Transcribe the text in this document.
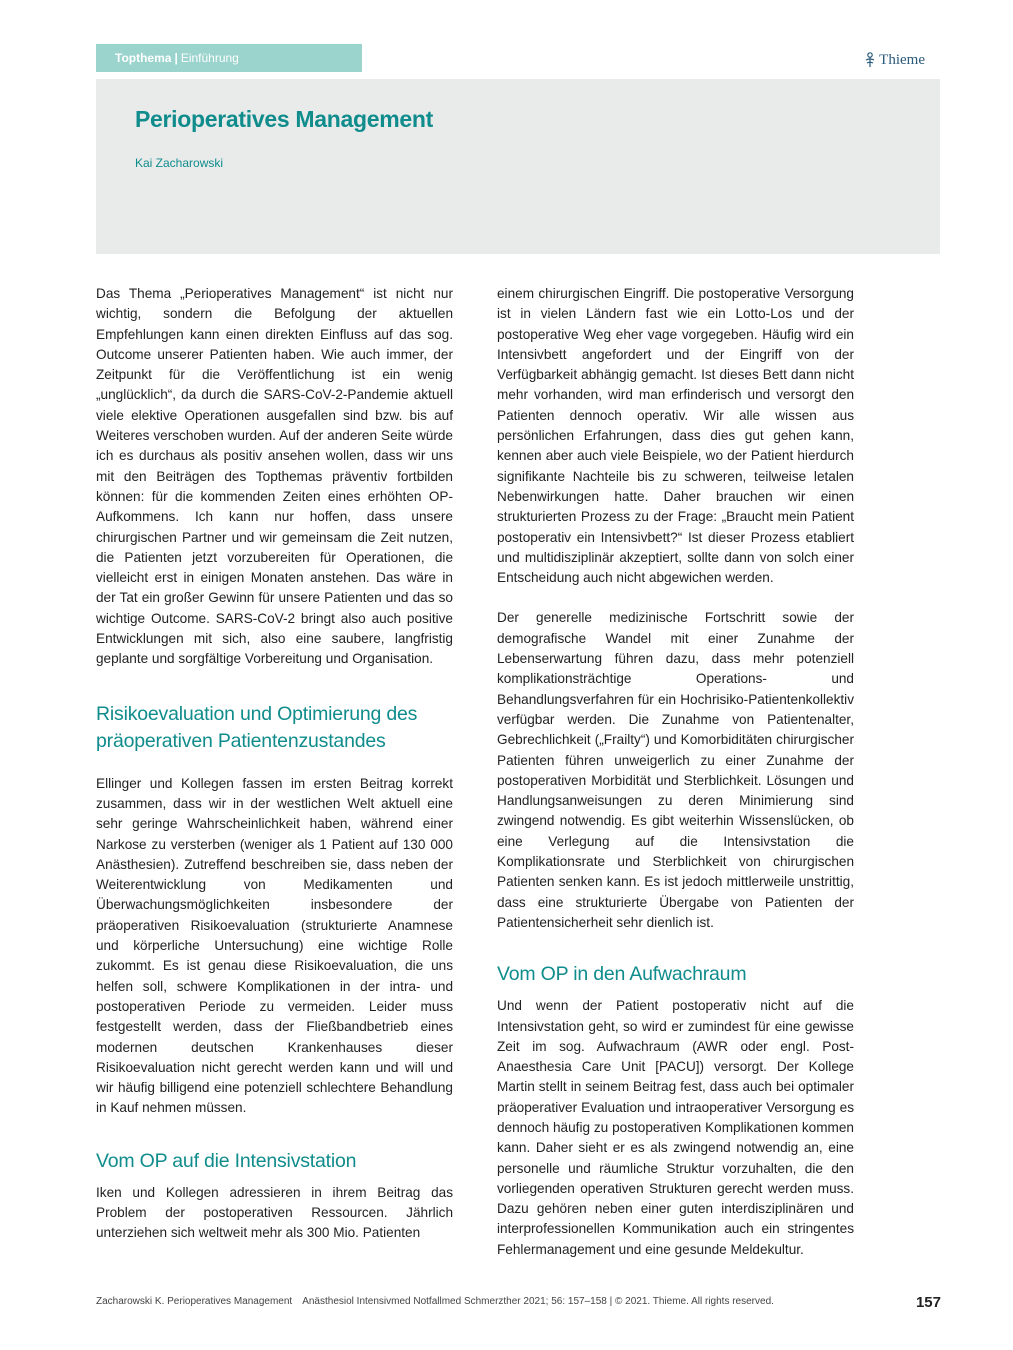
Topthema | Einführung	Thieme
Perioperatives Management
Kai Zacharowski

Das Thema „Perioperatives Management“ ist nicht nur wichtig, sondern die Befolgung der aktuellen Empfehlungen kann einen direkten Einfluss auf das sog. Outcome unserer Patienten haben. Wie auch immer, der Zeitpunkt für die Veröffentlichung ist ein wenig „unglücklich“, da durch die SARS-CoV-2-Pandemie aktuell viele elektive Operationen ausgefallen sind bzw. bis auf Weiteres verschoben wurden. Auf der anderen Seite würde ich es durchaus als positiv ansehen wollen, dass wir uns mit den Beiträgen des Topthemas präventiv fortbilden können: für die kommenden Zeiten eines erhöhten OP-Aufkommens. Ich kann nur hoffen, dass unsere chirurgischen Partner und wir gemeinsam die Zeit nutzen, die Patienten jetzt vorzubereiten für Operationen, die vielleicht erst in einigen Monaten anstehen. Das wäre in der Tat ein großer Gewinn für unsere Patienten und das so wichtige Outcome. SARS-CoV-2 bringt also auch positive Entwicklungen mit sich, also eine saubere, langfristig geplante und sorgfältige Vorbereitung und Organisation.

Risikoevaluation und Optimierung des präoperativen Patientenzustandes

Ellinger und Kollegen fassen im ersten Beitrag korrekt zusammen, dass wir in der westlichen Welt aktuell eine sehr geringe Wahrscheinlichkeit haben, während einer Narkose zu versterben (weniger als 1 Patient auf 130 000 Anästhesien). Zutreffend beschreiben sie, dass neben der Weiterentwicklung von Medikamenten und Überwachungsmöglichkeiten insbesondere der präoperativen Risikoevaluation (strukturierte Anamnese und körperliche Untersuchung) eine wichtige Rolle zukommt. Es ist genau diese Risikoevaluation, die uns helfen soll, schwere Komplikationen in der intra- und postoperativen Periode zu vermeiden. Leider muss festgestellt werden, dass der Fließbandbetrieb eines modernen deutschen Krankenhauses dieser Risikoevaluation nicht gerecht werden kann und will und wir häufig billigend eine potenziell schlechtere Behandlung in Kauf nehmen müssen.

Vom OP auf die Intensivstation

Iken und Kollegen adressieren in ihrem Beitrag das Problem der postoperativen Ressourcen. Jährlich unterziehen sich weltweit mehr als 300 Mio. Patienten

einem chirurgischen Eingriff. Die postoperative Versorgung ist in vielen Ländern fast wie ein Lotto-Los und der postoperative Weg eher vage vorgegeben. Häufig wird ein Intensivbett angefordert und der Eingriff von der Verfügbarkeit abhängig gemacht. Ist dieses Bett dann nicht mehr vorhanden, wird man erfinderisch und versorgt den Patienten dennoch operativ. Wir alle wissen aus persönlichen Erfahrungen, dass dies gut gehen kann, kennen aber auch viele Beispiele, wo der Patient hierdurch signifikante Nachteile bis zu schweren, teilweise letalen Nebenwirkungen hatte. Daher brauchen wir einen strukturierten Prozess zu der Frage: „Braucht mein Patient postoperativ ein Intensivbett?“ Ist dieser Prozess etabliert und multidisziplinär akzeptiert, sollte dann von solch einer Entscheidung auch nicht abgewichen werden.

Der generelle medizinische Fortschritt sowie der demografische Wandel mit einer Zunahme der Lebenserwartung führen dazu, dass mehr potenziell komplikationsträchtige Operations- und Behandlungsverfahren für ein Hochrisiko-Patientenkollektiv verfügbar werden. Die Zunahme von Patientenalter, Gebrechlichkeit („Frailty“) und Komorbiditäten chirurgischer Patienten führen unweigerlich zu einer Zunahme der postoperativen Morbidität und Sterblichkeit. Lösungen und Handlungsanweisungen zu deren Minimierung sind zwingend notwendig. Es gibt weiterhin Wissenslücken, ob eine Verlegung auf die Intensivstation die Komplikationsrate und Sterblichkeit von chirurgischen Patienten senken kann. Es ist jedoch mittlerweile unstrittig, dass eine strukturierte Übergabe von Patienten der Patientensicherheit sehr dienlich ist.

Vom OP in den Aufwachraum

Und wenn der Patient postoperativ nicht auf die Intensivstation geht, so wird er zumindest für eine gewisse Zeit im sog. Aufwachraum (AWR oder engl. Post-Anaesthesia Care Unit [PACU]) versorgt. Der Kollege Martin stellt in seinem Beitrag fest, dass auch bei optimaler präoperativer Evaluation und intraoperativer Versorgung es dennoch häufig zu postoperativen Komplikationen kommen kann. Daher sieht er es als zwingend notwendig an, eine personelle und räumliche Struktur vorzuhalten, die den vorliegenden operativen Strukturen gerecht werden muss. Dazu gehören neben einer guten interdisziplinären und interprofessionellen Kommunikation auch ein stringentes Fehlermanagement und eine gesunde Meldekultur.

Zacharowski K. Perioperatives Management Anästhesiol Intensivmed Notfallmed Schmerzther 2021; 56: 157–158 | © 2021. Thieme. All rights reserved.	157
